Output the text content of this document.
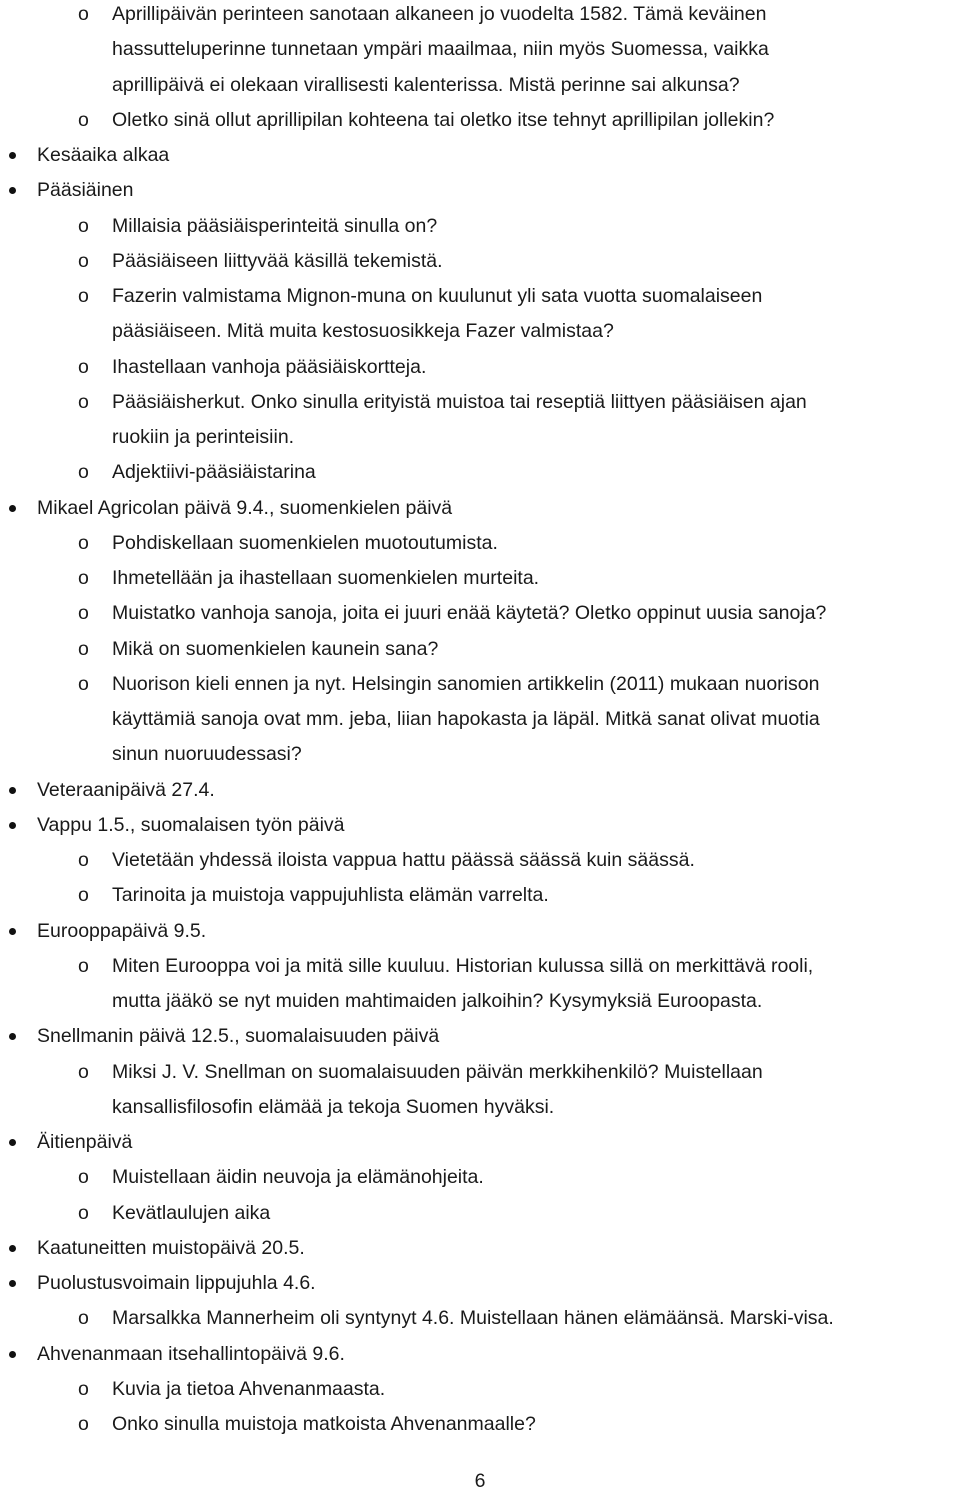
o Aprillipäivän perinteen sanotaan alkaneen jo vuodelta 1582. Tämä keväinen
hassutteluperinne tunnetaan ympäri maailmaa, niin myös Suomessa, vaikka
aprillipäivä ei olekaan virallisesti kalenterissa. Mistä perinne sai alkunsa?
o Oletko sinä ollut aprillipilan kohteena tai oletko itse tehnyt aprillipilan jollekin?
Kesäaika alkaa
Pääsiäinen
o Millaisia pääsiäisperinteitä sinulla on?
o Pääsiäiseen liittyvää käsillä tekemistä.
o Fazerin valmistama Mignon-muna on kuulunut yli sata vuotta suomalaiseen
pääsiäiseen. Mitä muita kestosuosikkeja Fazer valmistaa?
o Ihastellaan vanhoja pääsiäiskortteja.
o Pääsiäisherkut. Onko sinulla erityistä muistoa tai reseptiä liittyen pääsiäisen ajan
ruokiin ja perinteisiin.
o Adjektiivi-pääsiäistarina
Mikael Agricolan päivä 9.4., suomenkielen päivä
o Pohdiskellaan suomenkielen muotoutumista.
o Ihmetellään ja ihastellaan suomenkielen murteita.
o Muistatko vanhoja sanoja, joita ei juuri enää käytetä? Oletko oppinut uusia sanoja?
o Mikä on suomenkielen kaunein sana?
o Nuorison kieli ennen ja nyt. Helsingin sanomien artikkelin (2011) mukaan nuorison
käyttämiä sanoja ovat mm. jeba, liian hapokasta ja läpäl. Mitkä sanat olivat muotia
sinun nuoruudessasi?
Veteraanipäivä 27.4.
Vappu 1.5., suomalaisen työn päivä
o Vietetään yhdessä iloista vappua hattu päässä säässä kuin säässä.
o Tarinoita ja muistoja vappujuhlista elämän varrelta.
Eurooppapäivä 9.5.
o Miten Eurooppa voi ja mitä sille kuuluu. Historian kulussa sillä on merkittävä rooli,
mutta jääkö se nyt muiden mahtimaiden jalkoihin? Kysymyksiä Euroopasta.
Snellmanin päivä 12.5., suomalaisuuden päivä
o Miksi J. V. Snellman on suomalaisuuden päivän merkkihenkilö? Muistellaan
kansallisfilosofin elämää ja tekoja Suomen hyväksi.
Äitienpäivä
o Muistellaan äidin neuvoja ja elämänohjeita.
o Kevätlaulujen aika
Kaatuneitten muistopäivä 20.5.
Puolustusvoimain lippujuhla 4.6.
o Marsalkka Mannerheim oli syntynyt 4.6. Muistellaan hänen elämäänsä. Marski-visa.
Ahvenanmaan itsehallintopäivä 9.6.
o Kuvia ja tietoa Ahvenanmaasta.
o Onko sinulla muistoja matkoista Ahvenanmaalle?
6
